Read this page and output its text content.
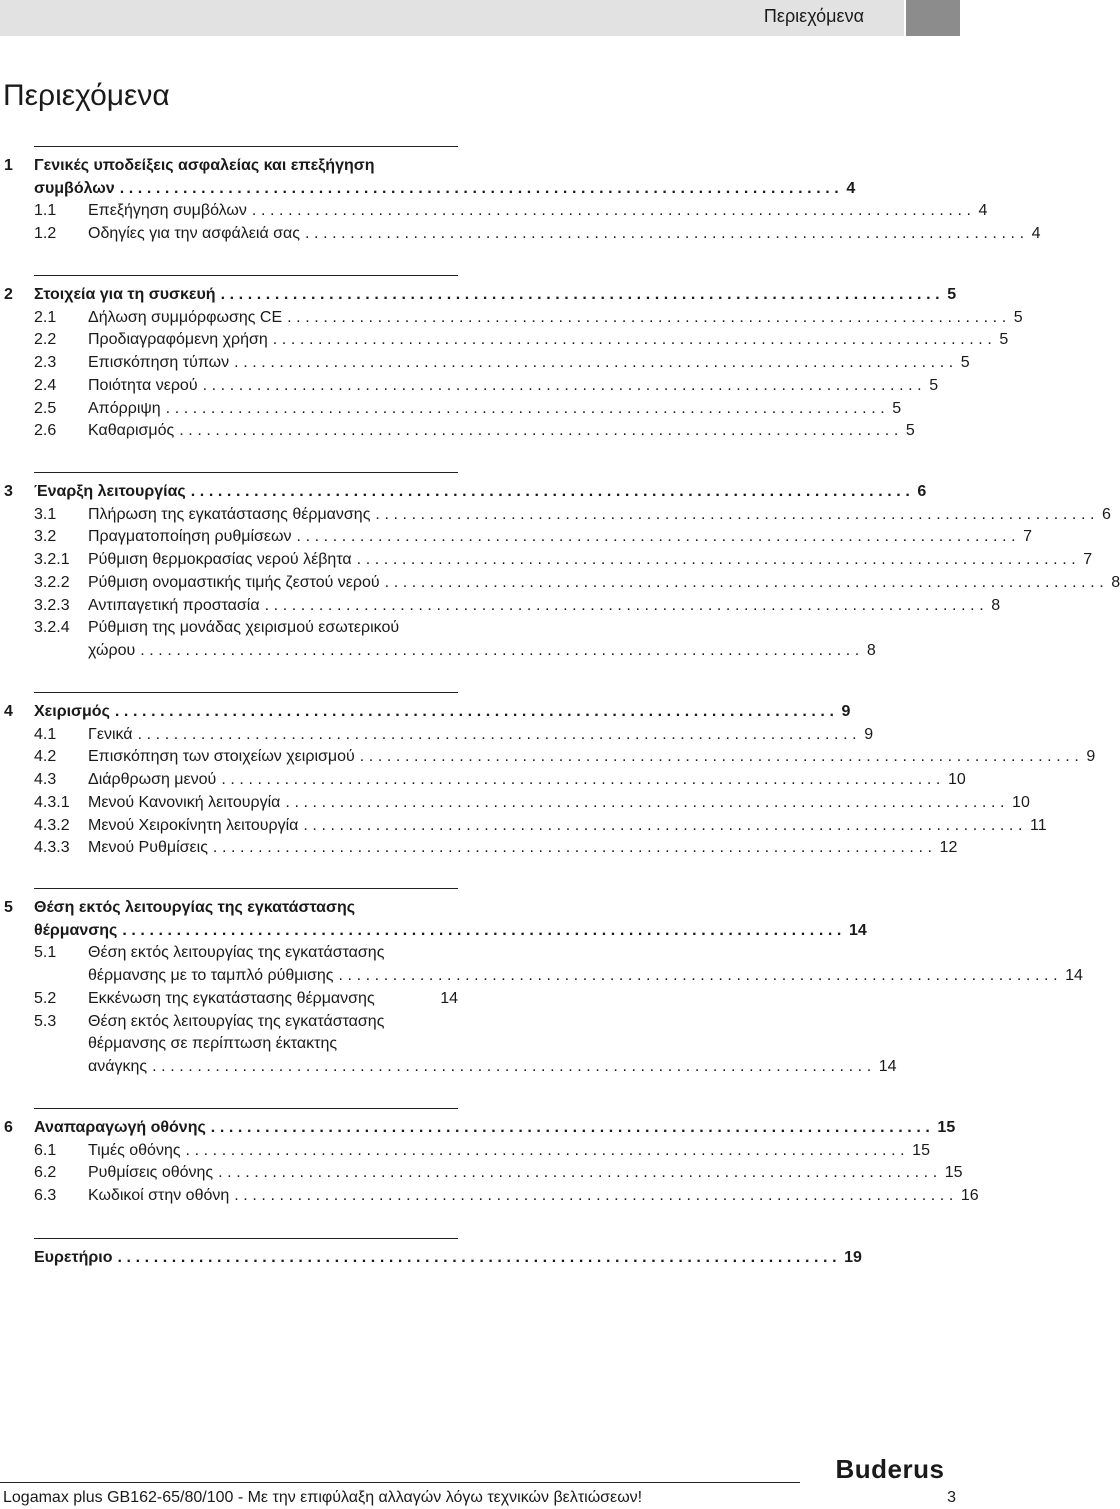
Περιεχόμενα
Περιεχόμενα
1 Γενικές υποδείξεις ασφαλείας και επεξήγηση
συμβόλων ................................................................................ 4
1.1 Επεξήγηση συμβόλων ................................................................................ 4
1.2 Οδηγίες για την ασφάλειά σας ................................................................................ 4
2 Στοιχεία για τη συσκευή ................................................................................ 5
2.1 Δήλωση συμμόρφωσης CE ................................................................................ 5
2.2 Προδιαγραφόμενη χρήση ................................................................................ 5
2.3 Επισκόπηση τύπων ................................................................................ 5
2.4 Ποιότητα νερού ................................................................................ 5
2.5 Απόρριψη ................................................................................ 5
2.6 Καθαρισμός ................................................................................ 5
3 Έναρξη λειτουργίας ................................................................................ 6
3.1 Πλήρωση της εγκατάστασης θέρμανσης ................................................................................ 6
3.2 Πραγματοποίηση ρυθμίσεων ................................................................................ 7
3.2.1 Ρύθμιση θερμοκρασίας νερού λέβητα ................................................................................ 7
3.2.2 Ρύθμιση ονομαστικής τιμής ζεστού νερού ................................................................................ 8
3.2.3 Αντιπαγετική προστασία ................................................................................ 8
3.2.4 Ρύθμιση της μονάδας χειρισμού εσωτερικού
χώρου ................................................................................ 8
4 Χειρισμός ................................................................................ 9
4.1 Γενικά ................................................................................ 9
4.2 Επισκόπηση των στοιχείων χειρισμού ................................................................................ 9
4.3 Διάρθρωση μενού ................................................................................ 10
4.3.1 Μενού Κανονική λειτουργία ................................................................................ 10
4.3.2 Μενού Χειροκίνητη λειτουργία ................................................................................ 11
4.3.3 Μενού Ρυθμίσεις ................................................................................ 12
5 Θέση εκτός λειτουργίας της εγκατάστασης
θέρμανσης ................................................................................ 14
5.1 Θέση εκτός λειτουργίας της εγκατάστασης
θέρμανσης με το ταμπλό ρύθμισης ................................................................................ 14
5.2 Εκκένωση της εγκατάστασης θέρμανσης	14
5.3 Θέση εκτός λειτουργίας της εγκατάστασης
θέρμανσης σε περίπτωση έκτακτης
ανάγκης ................................................................................ 14
6 Αναπαραγωγή οθόνης ................................................................................ 15
6.1 Τιμές οθόνης ................................................................................ 15
6.2 Ρυθμίσεις οθόνης ................................................................................ 15
6.3 Κωδικοί στην οθόνη ................................................................................ 16
Ευρετήριο ................................................................................ 19
Buderus
Logamax plus GB162-65/80/100 - Με την επιφύλαξη αλλαγών λόγω τεχνικών βελτιώσεων!	3
